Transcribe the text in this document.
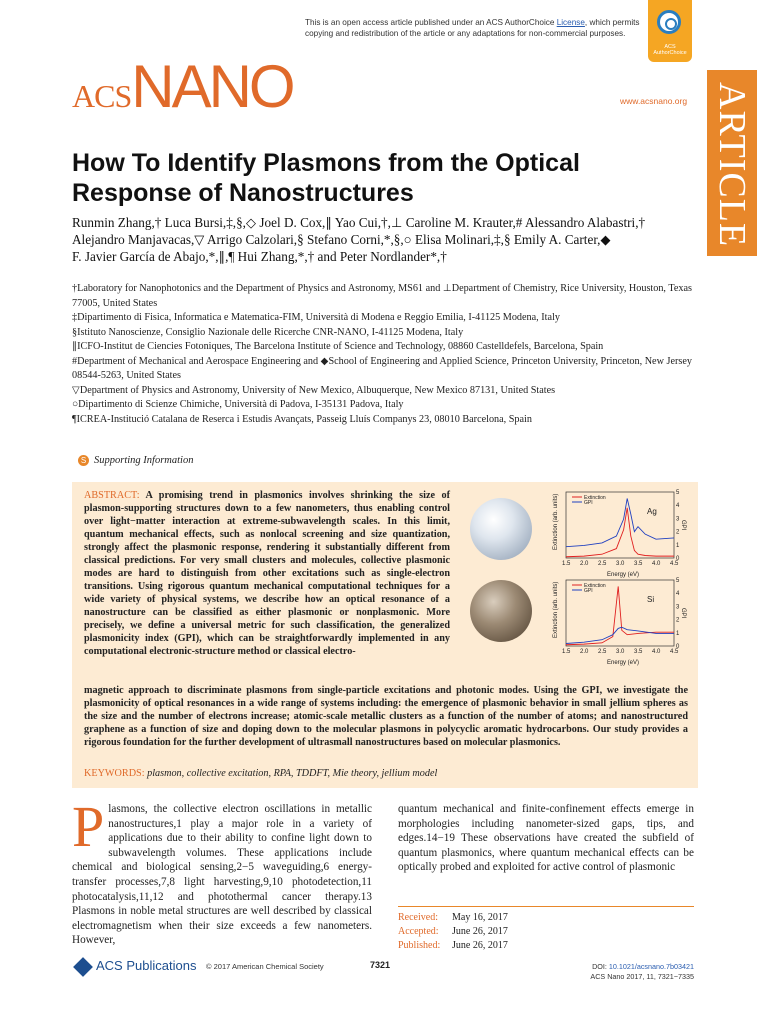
This is an open access article published under an ACS AuthorChoice License, which permits copying and redistribution of the article or any adaptations for non-commercial purposes.
ACS AuthorChoice
ACSNANO	www.acsnano.org ARTICLE
How To Identify Plasmons from the Optical Response of Nanostructures
Runmin Zhang,† Luca Bursi,‡,§,◇ Joel D. Cox,∥ Yao Cui,†,⊥ Caroline M. Krauter,# Alessandro Alabastri,†
Alejandro Manjavacas,▽ Arrigo Calzolari,§ Stefano Corni,*,§,○ Elisa Molinari,‡,§ Emily A. Carter,◆
F. Javier García de Abajo,*,∥,¶ Hui Zhang,*,† and Peter Nordlander*,†

†Laboratory for Nanophotonics and the Department of Physics and Astronomy, MS61 and ⊥Department of Chemistry, Rice University, Houston, Texas 77005, United States

‡Dipartimento di Fisica, Informatica e Matematica-FIM, Università di Modena e Reggio Emilia, I-41125 Modena, Italy

§Istituto Nanoscienze, Consiglio Nazionale delle Ricerche CNR-NANO, I-41125 Modena, Italy

∥ICFO-Institut de Ciencies Fotoniques, The Barcelona Institute of Science and Technology, 08860 Castelldefels, Barcelona, Spain

#Department of Mechanical and Aerospace Engineering and ◆School of Engineering and Applied Science, Princeton University, Princeton, New Jersey 08544-5263, United States

▽Department of Physics and Astronomy, University of New Mexico, Albuquerque, New Mexico 87131, United States

○Dipartimento di Scienze Chimiche, Università di Padova, I-35131 Padova, Italy

¶ICREA-Institució Catalana de Reserca i Estudis Avançats, Passeig Lluís Companys 23, 08010 Barcelona, Spain

S Supporting Information
ABSTRACT: A promising trend in plasmonics involves shrinking the size of plasmon-supporting structures down to a few nanometers, thus enabling control over light−matter interaction at extreme-subwavelength scales. In this limit, quantum mechanical effects, such as nonlocal screening and size quantization, strongly affect the plasmonic response, rendering it substantially different from classical predictions. For very small clusters and molecules, collective plasmonic modes are hard to distinguish from other excitations such as single-electron transitions. Using rigorous quantum mechanical computational techniques for a wide variety of physical systems, we describe how an optical resonance of a nanostructure can be classified as either plasmonic or nonplasmonic. More precisely, we define a universal metric for such classification, the generalized plasmonicity index (GPI), which can be straightforwardly implemented in any computational electronic-structure method or classical electro-
magnetic approach to discriminate plasmons from single-particle excitations and photonic modes. Using the GPI, we investigate the plasmonicity of optical resonances in a wide range of systems including: the emergence of plasmonic behavior in small jellium spheres as the size and the number of electrons increase; atomic-scale metallic clusters as a function of the number of atoms; and nanostructured graphene as a function of size and doping down to the molecular plasmons in polycyclic aromatic hydrocarbons. Our study provides a rigorous foundation for the further development of ultrasmall nanostructures based on molecular plasmonics.
KEYWORDS: plasmon, collective excitation, RPA, TDDFT, Mie theory, jellium model
Extinction (arb. units)	GPI
Ag
Extinction
GPI
1.5 2.0 2.5 3.0 3.5 4.0 4.5
Energy (eV)
0
1
2
3
4
5
Extinction (arb. units)	GPI
Si
Extinction
GPI
1.5 2.0 2.5 3.0 3.5 4.0 4.5
Energy (eV)
0
1
2
3
4
5
Plasmons, the collective electron oscillations in metallic nanostructures,1 play a major role in a variety of applications due to their ability to confine light down to subwavelength volumes. These applications include chemical and biological sensing,2−5 waveguiding,6 energy-transfer processes,7,8 light harvesting,9,10 photodetection,11 photocatalysis,11,12 and photothermal cancer therapy.13 Plasmons in noble metal structures are well described by classical electromagnetism when their size exceeds a few nanometers. However,
quantum mechanical and finite-confinement effects emerge in morphologies including nanometer-sized gaps, tips, and edges.14−19 These observations have created the subfield of quantum plasmonics, where quantum mechanical effects can be optically probed and exploited for active control of plasmonic
Received: May 16, 2017
Accepted: June 26, 2017
Published: June 26, 2017
ACS Publications © 2017 American Chemical Society	7321	DOI: 10.1021/acsnano.7b03421
ACS Nano 2017, 11, 7321−7335
